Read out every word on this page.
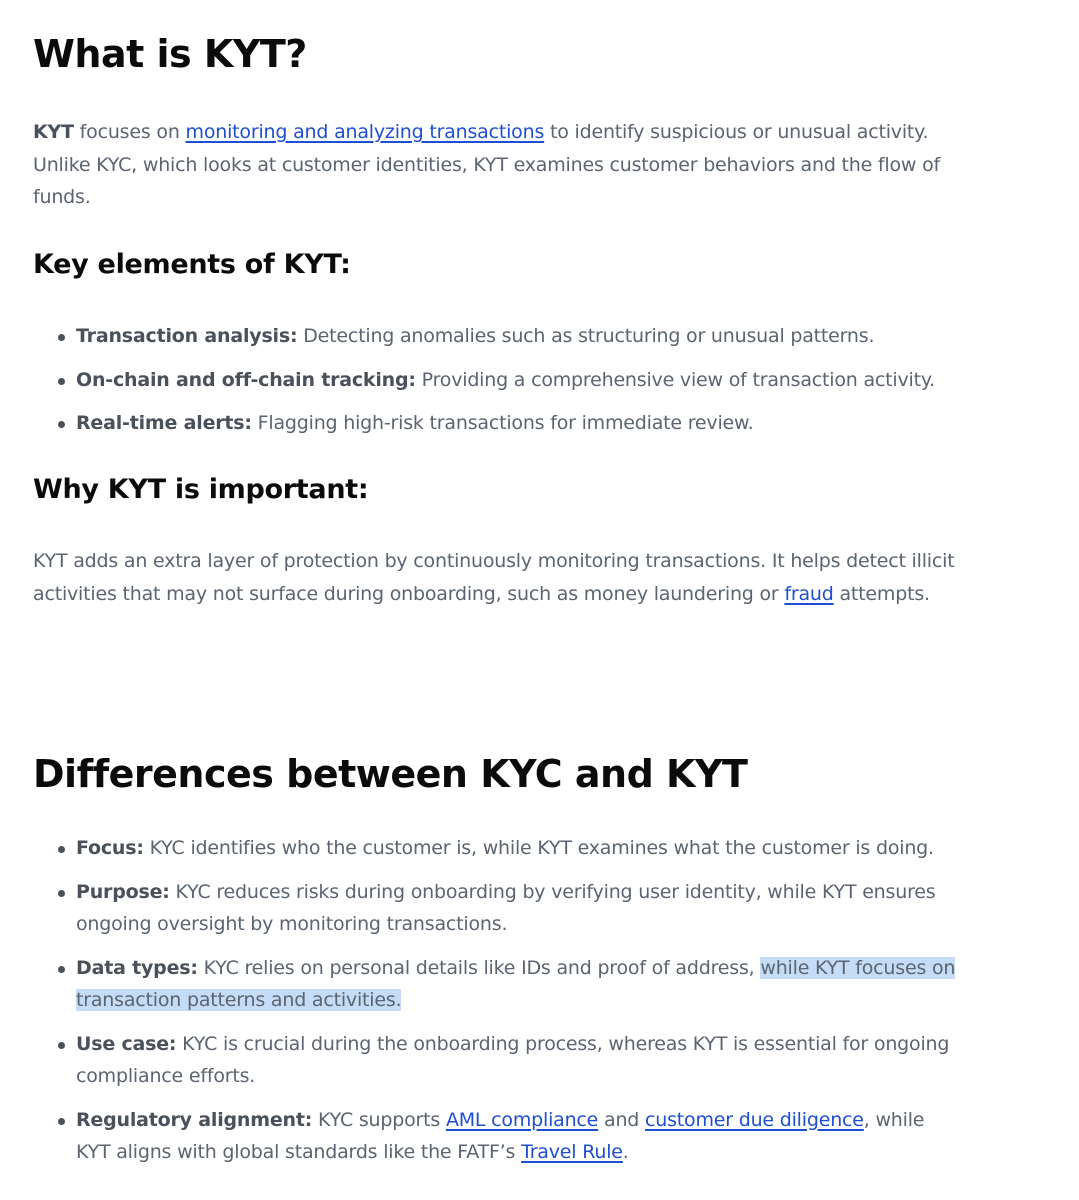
What is KYT?

KYT focuses on monitoring and analyzing transactions to identify suspicious or unusual activity. Unlike KYC, which looks at customer identities, KYT examines customer behaviors and the flow of funds.

Key elements of KYT:
Transaction analysis: Detecting anomalies such as structuring or unusual patterns.
On-chain and off-chain tracking: Providing a comprehensive view of transaction activity.
Real-time alerts: Flagging high-risk transactions for immediate review.
Why KYT is important:

KYT adds an extra layer of protection by continuously monitoring transactions. It helps detect illicit activities that may not surface during onboarding, such as money laundering or fraud attempts.

Differences between KYC and KYT
Focus: KYC identifies who the customer is, while KYT examines what the customer is doing.
Purpose: KYC reduces risks during onboarding by verifying user identity, while KYT ensures ongoing oversight by monitoring transactions.
Data types: KYC relies on personal details like IDs and proof of address, while KYT focuses on transaction patterns and activities.
Use case: KYC is crucial during the onboarding process, whereas KYT is essential for ongoing compliance efforts.
Regulatory alignment: KYC supports AML compliance and customer due diligence, while KYT aligns with global standards like the FATF’s Travel Rule.
